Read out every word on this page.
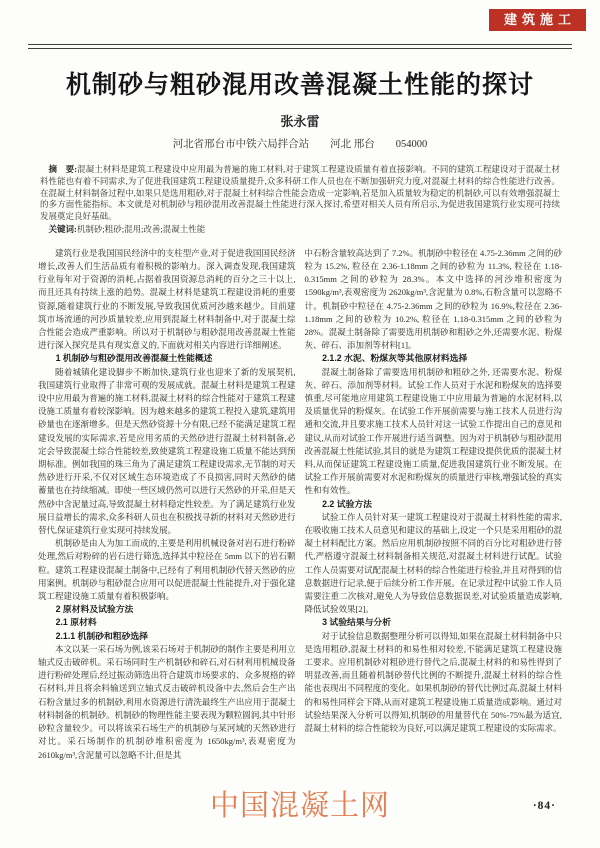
建筑施工
机制砂与粗砂混用改善混凝土性能的探讨
张永雷
河北省邢台市中铁六局拌合站　　河北 邢台　　054000

摘　要:混凝土材料是建筑工程建设中应用最为普遍的施工材料,对于建筑工程建设质量有着直接影响。不同的建筑工程建设对于混凝土材料性能也有着不同需求,为了促进我国建筑工程建设质量提升,众多科研工作人员也在不断加强研究力度,对混凝土材料的综合性能进行改善。在混凝土材料制备过程中,如果只是选用粗砂,对于混凝土材料综合性能会造成一定影响,若是加入质量较为稳定的机制砂,可以有效增强混凝土的多方面性能指标。本文就是对机制砂与粗砂混用改善混凝土性能进行深入探讨,希望对相关人员有所启示,为促进我国建筑行业实现可持续发展奠定良好基础。

关键词:机制砂;粗砂;混用;改善;混凝土性能

建筑行业是我国国民经济中的支柱型产业,对于促进我国国民经济增长,改善人们生活品质有着积极的影响力。深入调查发现,我国建筑行业每年对于资源的消耗,占据着我国资源总消耗的百分之三十以上,而且还具有持续上涨的趋势。混凝土材料是建筑工程建设消耗的重要资源,随着建筑行业的不断发展,导致我国优质河沙越来越少。目前建筑市场流通的河沙质量较差,应用到混凝土材料制备中,对于混凝土综合性能会造成严重影响。所以对于机制砂与粗砂混用改善混凝土性能进行深入探究是具有现实意义的,下面就对相关内容进行详细阐述。

1 机制砂与粗砂混用改善混凝土性能概述

随着城镇化建设脚步不断加快,建筑行业也迎来了新的发展契机,我国建筑行业取得了非常可观的发展成就。混凝土材料是建筑工程建设中应用最为普遍的施工材料,混凝土材料的综合性能对于建筑工程建设施工质量有着较深影响。因为越来越多的建筑工程投入建筑,建筑用砂量也在逐渐增多。但是天然砂资源十分有限,已经不能满足建筑工程建设发展的实际需求,若是应用劣质的天然砂进行混凝土材料制备,必定会导致混凝土综合性能较差,致使建筑工程建设施工质量不能达到预期标准。例如我国的珠三角为了满足建筑工程建设需求,无节制的对天然砂进行开采,不仅对区域生态环境造成了不良损害,同时天然砂的储蓄量也在持续缩减。即使一些区域仍然可以进行天然砂的开采,但是天然砂中含泥量过高,导致混凝土材料稳定性较差。为了满足建筑行业发展日益增长的需求,众多科研人员也在积极找寻新的材料对天然砂进行替代,保证建筑行业实现可持续发展。

机制砂是由人为加工而成的,主要是利用机械设备对岩石进行粉碎处理,然后对粉碎的岩石进行筛选,选择其中粒径在 5mm 以下的岩石颗粒。建筑工程建设混凝土制备中,已经有了利用机制砂代替天然砂的应用案例。机制砂与粗砂混合应用可以促进混凝土性能提升,对于强化建筑工程建设施工质量有着积极影响。

2 原材料及试验方法

2.1 原材料

2.1.1 机制砂和粗砂选择

本文以某一采石场为例,该采石场对于机制砂的制作主要是利用立轴式反击破碎机。采石场同时生产机制砂和碎石,对石材利用机械设备进行粉碎处理后,经过振动筛选出符合建筑市场要求的、众多规格的碎石材料,并且将余料输送到立轴式反击破碎机设备中去,然后会生产出石粉含量过多的机制砂,利用水资源进行清洗最终生产出应用于混凝土材料制备的机制砂。机制砂的物理性能主要表现为颗粒圆润,其中针形砂粒含量较少。可以将该采石场生产的机制砂与某河域的天然砂进行对比。采石场制作的机制砂堆积密度为 1650kg/m³,表观密度为 2610kg/m³,含泥量可以忽略不计,但是其

中石粉含量较高达到了 7.2%。机制砂中粒径在 4.75-2.36mm 之间的砂粒为 15.2%, 粒径在 2.36-1.18mm 之间的砂粒为 11.3%, 粒径在 1.18-0.315mm 之间的砂粒为 28.3%。本文中选择的河沙堆积密度为 1590kg/m³,表观密度为 2620kg/m³,含泥量为 0.8%,石粉含量可以忽略不计。机制砂中粒径在 4.75-2.36mm 之间的砂粒为 16.9%,粒径在 2.36-1.18mm 之间的砂粒为 10.2%, 粒径在 1.18-0.315mm 之间的砂粒为 28%。混凝土制备除了需要选用机制砂和粗砂之外,还需要水泥、粉煤灰、碎石、添加剂等材料[1]。

2.1.2 水泥、粉煤灰等其他原材料选择

混凝土制备除了需要选用机制砂和粗砂之外, 还需要水泥、粉煤灰、碎石、添加剂等材料。试验工作人员对于水泥和粉煤灰的选择要慎重,尽可能地应用建筑工程建设施工中应用最为普遍的水泥材料,以及质量优异的粉煤灰。在试验工作开展前需要与施工技术人员进行沟通和交流,并且要求施工技术人员针对这一试验工作提出自己的意见和建议,从而对试验工作开展进行适当调整。因为对于机制砂与粗砂混用改善混凝土性能试验,其目的就是为建筑工程建设提供优质的混凝土材料,从而保证建筑工程建设施工质量,促进我国建筑行业不断发展。在试验工作开展前需要对水泥和粉煤灰的质量进行审核,增强试验的真实性和有效性。

2.2 试验方法

试验工作人员针对某一建筑工程建设对于混凝土材料性能的需求,在吸收施工技术人员意见和建议的基础上,设定一个只是采用粗砂的混凝土材料配比方案。然后应用机制砂按照不同的百分比对粗砂进行替代,严格遵守混凝土材料制备相关规范,对混凝土材料进行试配。试验工作人员需要对试配混凝土材料的综合性能进行检验,并且对得到的信息数据进行记录,便于后续分析工作开展。在记录过程中试验工作人员需要注重二次核对,避免人为导致信息数据误差,对试验质量造成影响,降低试验效果[2]。

3 试验结果与分析

对于试验信息数据整理分析可以得知,如果在混凝土材料制备中只是选用粗砂,混凝土材料的和易性相对较差,不能满足建筑工程建设施工要求。应用机制砂对粗砂进行替代之后,混凝土材料的和易性得到了明显改善,而且随着机制砂替代比例的不断提升,混凝土材料的综合性能也表现出不同程度的变化。如果机制砂的替代比例过高,混凝土材料的和易性同样会下降,从而对建筑工程建设施工质量造成影响。通过对试验结果深入分析可以得知,机制砂的用量替代在 50%-75%最为适宜,混凝土材料的综合性能较为良好,可以满足建筑工程建设的实际需求。

中国混凝土网	·84·
